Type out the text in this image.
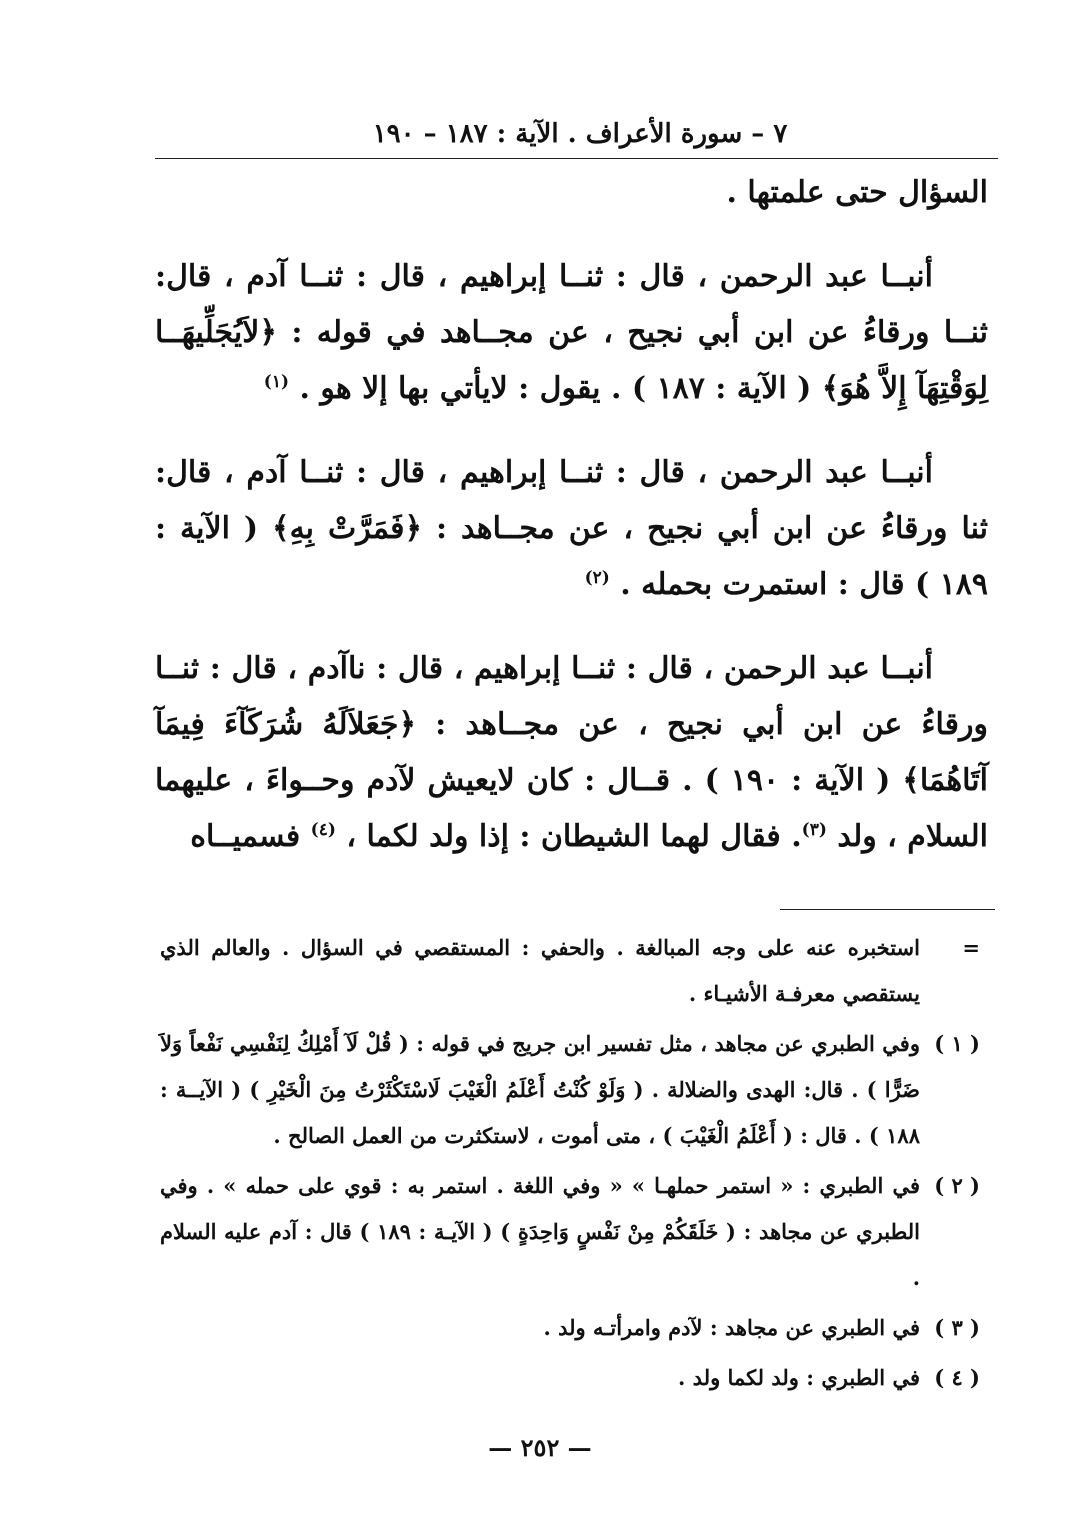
٧ – سورة الأعراف . الآية : ١٨٧ – ١٩٠
السؤال حتى علمتها .

أنبــا عبد الرحمن ، قال : ثنــا إبراهيم ، قال : ثنــا آدم ، قال: ثنــا ورقاءُ عن ابن أبي نجيح ، عن مجــاهد في قوله : ﴿لاَيُجَلِّيهَــا لِوَقْتِهَآ إِلاَّ هُوَ﴾ ( الآية : ١٨٧ ) . يقول : لايأتي بها إلا هو . $^{(١)}$

أنبــا عبد الرحمن ، قال : ثنــا إبراهيم ، قال : ثنــا آدم ، قال: ثنا ورقاءُ عن ابن أبي نجيح ، عن مجــاهد : ﴿فَمَرَّتْ بِهِ﴾ ( الآية : ١٨٩ ) قال : استمرت بحمله . $^{(٢)}$

أنبــا عبد الرحمن ، قال : ثنــا إبراهيم ، قال : ناآدم ، قال : ثنــا ورقاءُ عن ابن أبي نجيح ، عن مجــاهد : ﴿جَعَلاَلَهُ شُرَكَآءَ فِيمَآ آتَاهُمَا﴾ ( الآية : ١٩٠ ) . قــال : كان لايعيش لآدم وحــواءَ ، عليهما السلام ، ولد $^{(٣)}$. فقال لهما الشيطان : إذا ولد لكما ، $^{(٤)}$ فسميــاه

=
استخبره عنه على وجه المبالغة . والحفي : المستقصي في السؤال . والعالم الذي يستقصي معرفـة الأشيـاء .
( ١ )
وفي الطبري عن مجاهد ، مثل تفسير ابن جريج في قوله : ( قُلْ لَآ أَمْلِكُ لِنَفْسِي نَفْعاً وَلاَ ضَرًّا ) . قال: الهدى والضلالة . ( وَلَوْ كُنْتُ أَعْلَمُ الْغَيْبَ لَاسْتَكْثَرْتُ مِنَ الْخَيْرِ ) ( الآيــة : ١٨٨ ) . قال : ( أَعْلَمُ الْغَيْبَ ) ، متى أموت ، لاستكثرت من العمل الصالح .
( ٢ )
في الطبري : « استمر حملهـا » « وفي اللغة . استمر به : قوي على حمله » . وفي الطبري عن مجاهد : ( خَلَقَكُمْ مِنْ نَفْسٍ وَاحِدَةٍ ) ( الآيـة : ١٨٩ ) قال : آدم عليه السلام .
( ٣ )
في الطبري عن مجاهد : لآدم وامرأتـه ولد .
( ٤ )
في الطبري : ولد لكما ولد .
— ٢٥٢ —
